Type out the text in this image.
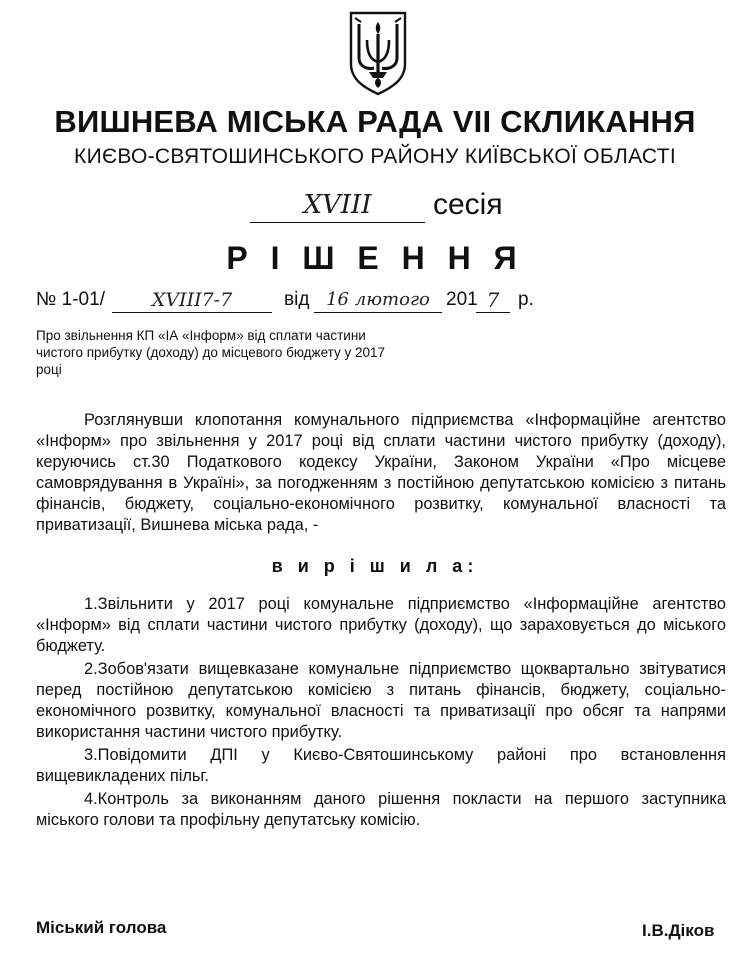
ВИШНЕВА МІСЬКА РАДА VII СКЛИКАННЯ
КИЄВО-СВЯТОШИНСЬКОГО РАЙОНУ КИЇВСЬКОЇ ОБЛАСТІ
XVIII	сесія
Р І Ш Е Н Н Я
№ 1-01/	XVIII7-7	від 16 лютого 201 7 р.
Про звільнення КП «ІА «Інформ» від сплати частини чистого прибутку (доходу) до місцевого бюджету у 2017 році

Розглянувши клопотання комунального підприємства «Інформаційне агентство «Інформ» про звільнення у 2017 році від сплати частини чистого прибутку (доходу), керуючись ст.30 Податкового кодексу України, Законом України «Про місцеве самоврядування в Україні», за погодженням з постійною депутатською комісією з питань фінансів, бюджету, соціально-економічного розвитку, комунальної власності та приватизації, Вишнева міська рада, -

в и р і ш и л а:

1.Звільнити у 2017 році комунальне підприємство «Інформаційне агентство «Інформ» від сплати частини чистого прибутку (доходу), що зараховується до міського бюджету.

2.Зобов'язати вищевказане комунальне підприємство щоквартально звітуватися перед постійною депутатською комісією з питань фінансів, бюджету, соціально-економічного розвитку, комунальної власності та приватизації про обсяг та напрями використання частини чистого прибутку.

3.Повідомити ДПІ у Києво-Святошинському районі про встановлення вищевикладених пільг.

4.Контроль за виконанням даного рішення покласти на першого заступника міського голови та профільну депутатську комісію.

Міський голова	І.В.Діков
